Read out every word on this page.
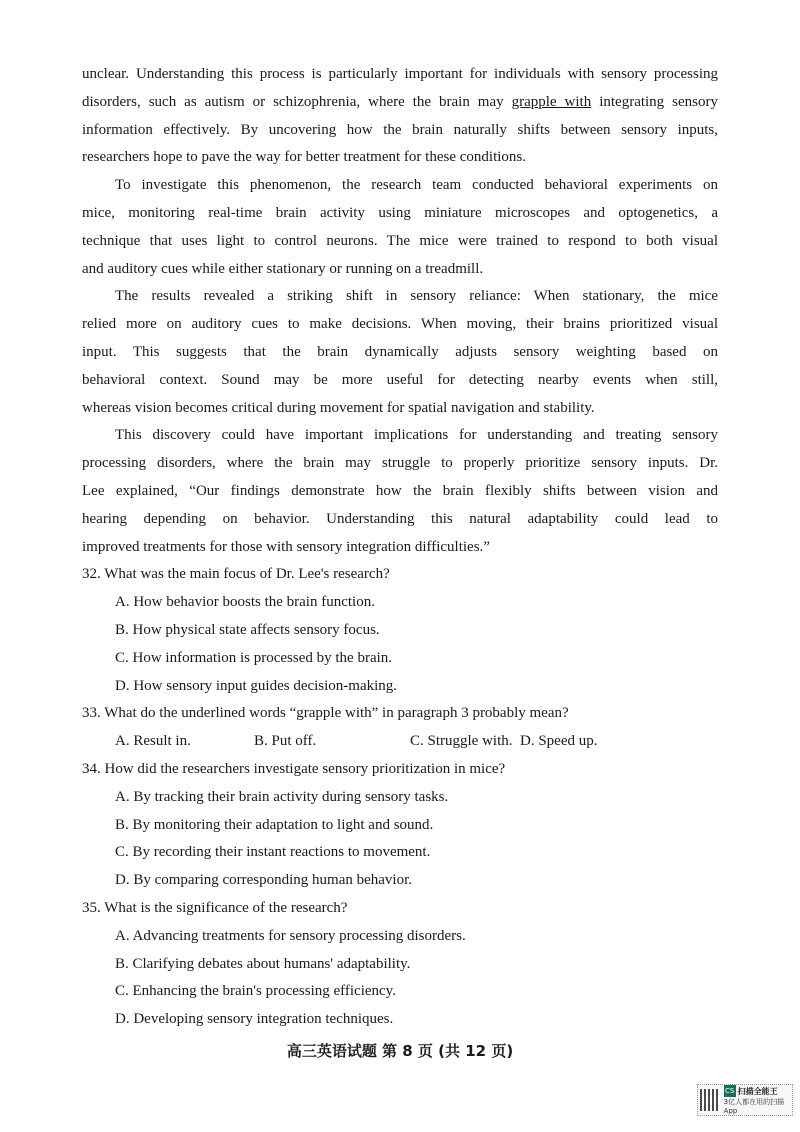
unclear. Understanding this process is particularly important for individuals with sensory processing
disorders, such as autism or schizophrenia, where the brain may grapple with integrating sensory
information effectively. By uncovering how the brain naturally shifts between sensory inputs,
researchers hope to pave the way for better treatment for these conditions.
To investigate this phenomenon, the research team conducted behavioral experiments on
mice, monitoring real-time brain activity using miniature microscopes and optogenetics, a
technique that uses light to control neurons. The mice were trained to respond to both visual
and auditory cues while either stationary or running on a treadmill.
The results revealed a striking shift in sensory reliance: When stationary, the mice
relied more on auditory cues to make decisions. When moving, their brains prioritized visual
input. This suggests that the brain dynamically adjusts sensory weighting based on
behavioral context. Sound may be more useful for detecting nearby events when still,
whereas vision becomes critical during movement for spatial navigation and stability.
This discovery could have important implications for understanding and treating sensory
processing disorders, where the brain may struggle to properly prioritize sensory inputs. Dr.
Lee explained, “Our findings demonstrate how the brain flexibly shifts between vision and
hearing depending on behavior. Understanding this natural adaptability could lead to
improved treatments for those with sensory integration difficulties.”
32. What was the main focus of Dr. Lee's research?
A. How behavior boosts the brain function.
B. How physical state affects sensory focus.
C. How information is processed by the brain.
D. How sensory input guides decision-making.
33. What do the underlined words “grapple with” in paragraph 3 probably mean?
A. Result in.	B. Put off.	C. Struggle with. D. Speed up.
34. How did the researchers investigate sensory prioritization in mice?
A. By tracking their brain activity during sensory tasks.
B. By monitoring their adaptation to light and sound.
C. By recording their instant reactions to movement.
D. By comparing corresponding human behavior.
35. What is the significance of the research?
A. Advancing treatments for sensory processing disorders.
B. Clarifying debates about humans' adaptability.
C. Enhancing the brain's processing efficiency.
D. Developing sensory integration techniques.
高三英语试题 第 8 页 (共 12 页)
CS 扫描全能王
3亿人都在用的扫描App
